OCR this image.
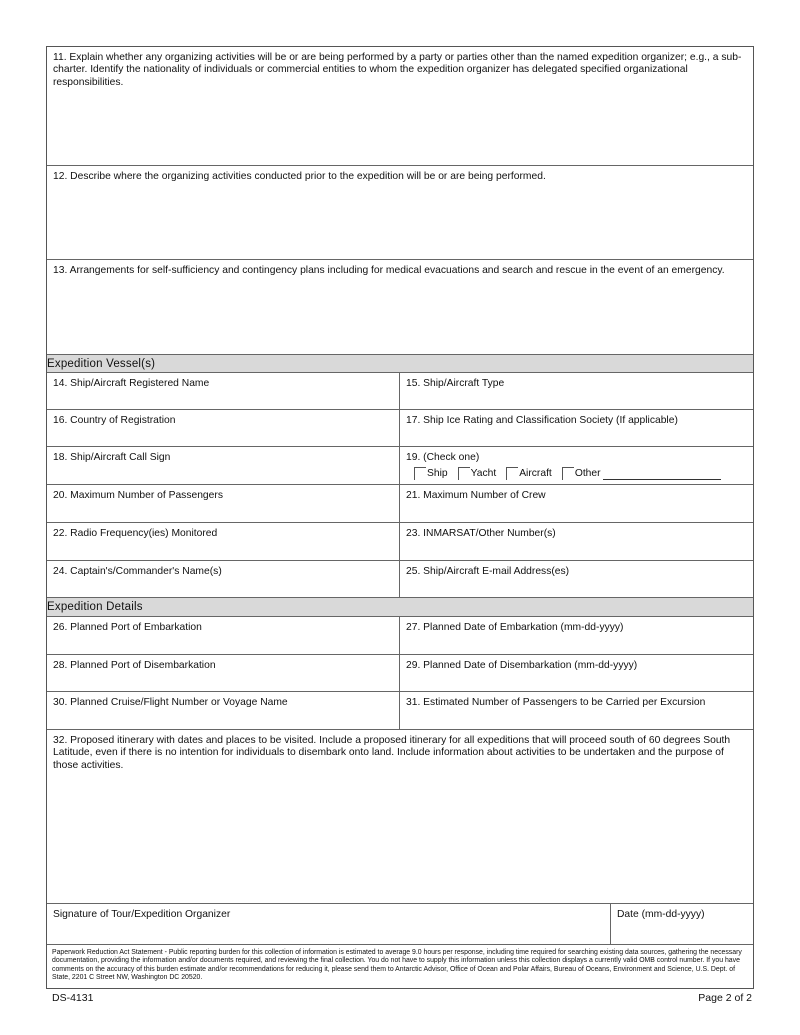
11. Explain whether any organizing activities will be or are being performed by a party or parties other than the named expedition organizer; e.g., a sub-charter. Identify the nationality of individuals or commercial entities to whom the expedition organizer has delegated specified organizational responsibilities.
12. Describe where the organizing activities conducted prior to the expedition will be or are being performed.
13. Arrangements for self-sufficiency and contingency plans including for medical evacuations and search and rescue in the event of an emergency.
Expedition Vessel(s)
14. Ship/Aircraft Registered Name	15. Ship/Aircraft Type
16. Country of Registration	17. Ship Ice Rating and Classification Society (If applicable)
18. Ship/Aircraft Call Sign	19. (Check one)
Ship Yacht Aircraft Other
20. Maximum Number of Passengers	21. Maximum Number of Crew
22. Radio Frequency(ies) Monitored	23. INMARSAT/Other Number(s)
24. Captain's/Commander's Name(s)	25. Ship/Aircraft E-mail Address(es)
Expedition Details
26. Planned Port of Embarkation	27. Planned Date of Embarkation (mm-dd-yyyy)
28. Planned Port of Disembarkation	29. Planned Date of Disembarkation (mm-dd-yyyy)
30. Planned Cruise/Flight Number or Voyage Name	31. Estimated Number of Passengers to be Carried per Excursion
32. Proposed itinerary with dates and places to be visited. Include a proposed itinerary for all expeditions that will proceed south of 60 degrees South Latitude, even if there is no intention for individuals to disembark onto land. Include information about activities to be undertaken and the purpose of those activities.
Signature of Tour/Expedition Organizer	Date (mm-dd-yyyy)
Paperwork Reduction Act Statement - Public reporting burden for this collection of information is estimated to average 9.0 hours per response, including time required for searching existing data sources, gathering the necessary documentation, providing the information and/or documents required, and reviewing the final collection. You do not have to supply this information unless this collection displays a currently valid OMB control number. If you have comments on the accuracy of this burden estimate and/or recommendations for reducing it, please send them to Antarctic Advisor, Office of Ocean and Polar Affairs, Bureau of Oceans, Environment and Science, U.S. Dept. of State, 2201 C Street NW, Washington DC 20520.
DS-4131	Page 2 of 2
